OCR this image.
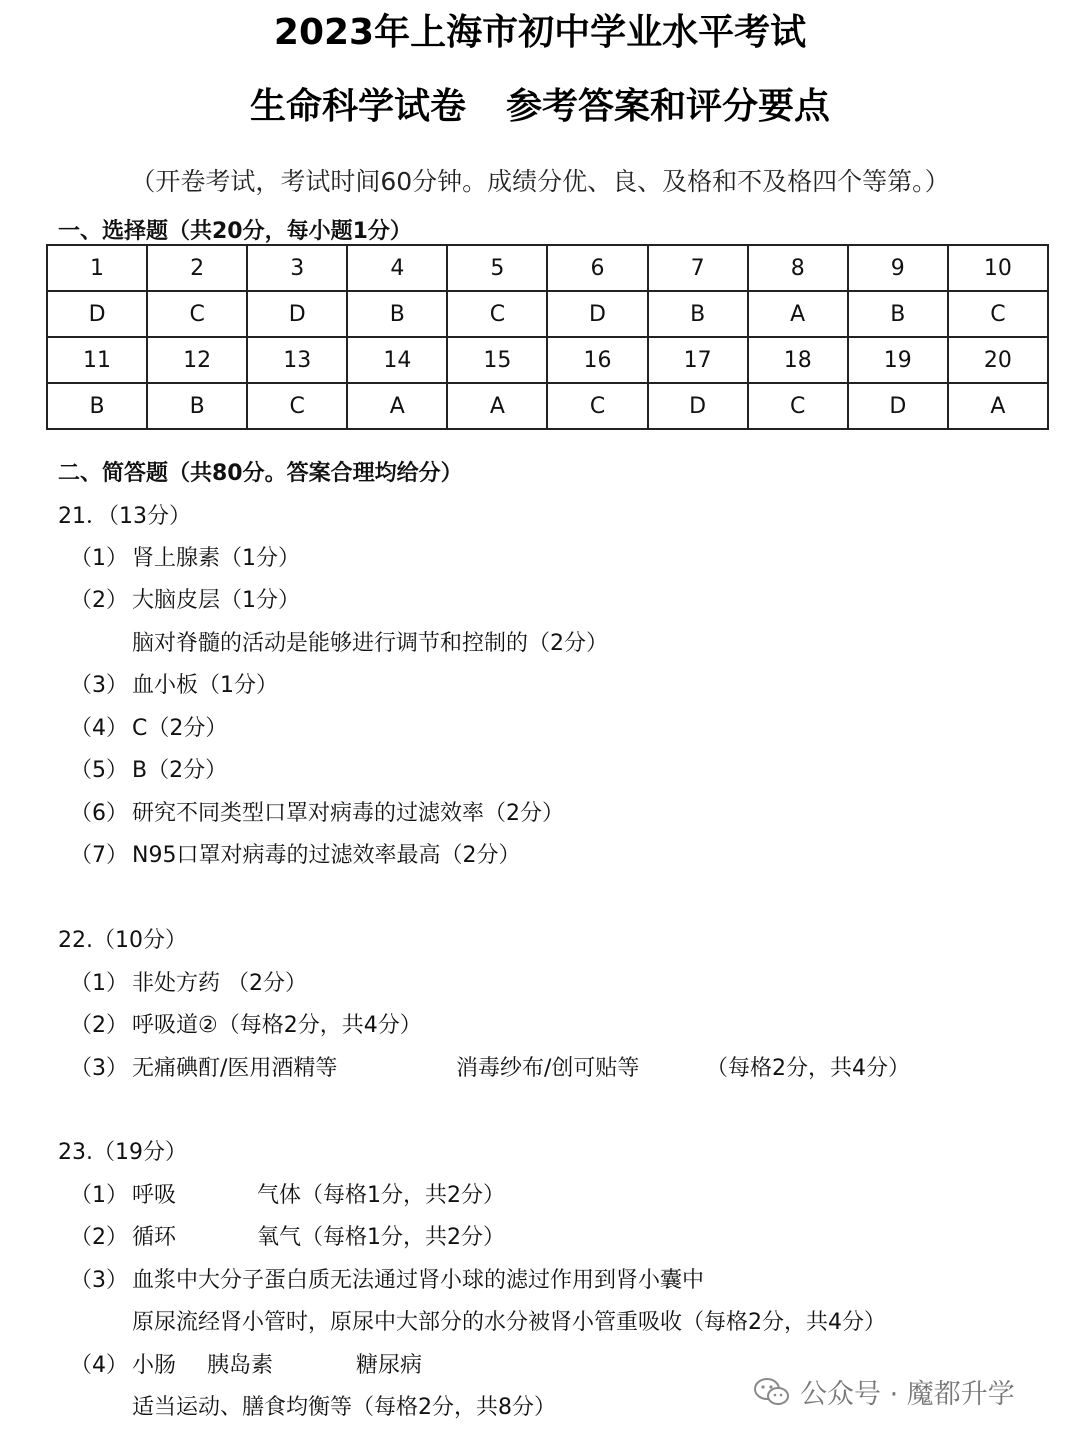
2023年上海市初中学业水平考试
生命科学试卷 参考答案和评分要点
（开卷考试，考试时间60分钟。成绩分优、良、及格和不及格四个等第。）
一、选择题（共20分，每小题1分）
1	2	3	4	5	6	7	8	9	10
D	C	D	B	C	D	B	A	B	C
11	12	13	14	15	16	17	18	19	20
B	B	C	A	A	C	D	C	D	A
二、简答题（共80分。答案合理均给分）
21．（13分）
（1） 肾上腺素（1分）
（2） 大脑皮层（1分）
脑对脊髓的活动是能够进行调节和控制的（2分）
（3） 血小板（1分）
（4） C（2分）
（5） B（2分）
（6） 研究不同类型口罩对病毒的过滤效率（2分）
（7） N95口罩对病毒的过滤效率最高（2分）
22.（10分）
（1） 非处方药 （2分）
（2） 呼吸道②（每格2分，共4分）
（3） 无痛碘酊/医用酒精等	消毒纱布/创可贴等	（每格2分，共4分）
23.（19分）
（1） 呼吸	气体（每格1分，共2分）
（2） 循环	氧气（每格1分，共2分）
（3） 血浆中大分子蛋白质无法通过肾小球的滤过作用到肾小囊中
原尿流经肾小管时，原尿中大部分的水分被肾小管重吸收（每格2分，共4分）
（4） 小肠 胰岛素	糖尿病
适当运动、膳食均衡等（每格2分，共8分）	公众号 · 魔都升学
